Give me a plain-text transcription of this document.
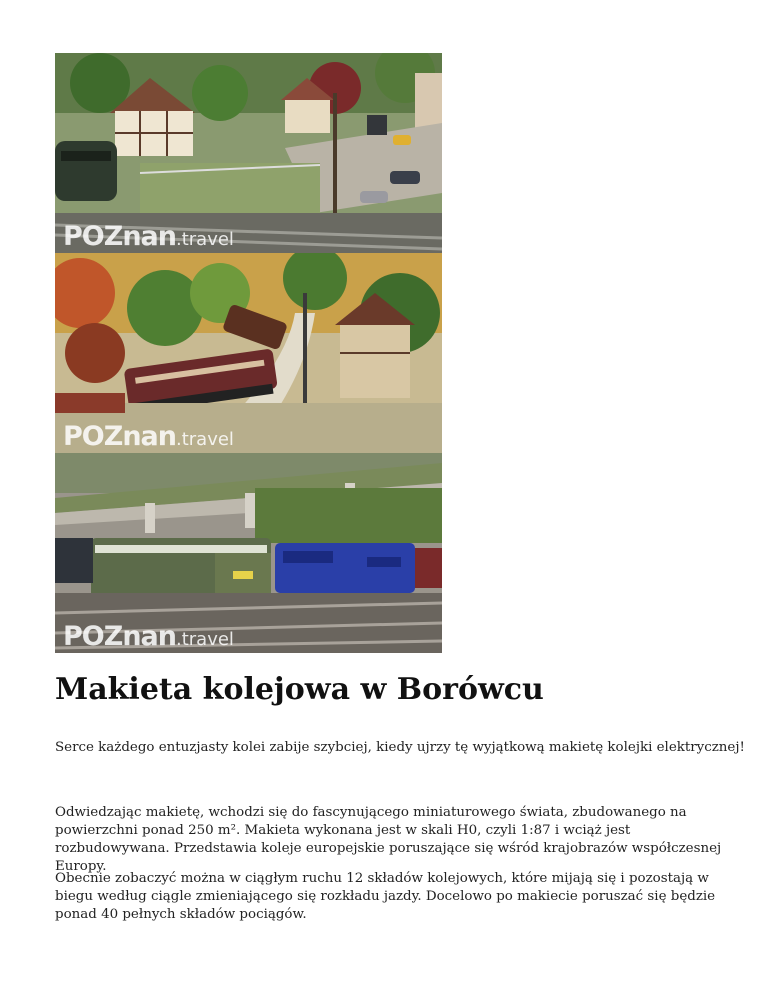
POZnan.travel
POZnan.travel
POZnan.travel
Makieta kolejowa w Borówcu

Serce każdego entuzjasty kolei zabije szybciej, kiedy ujrzy tę wyjątkową makietę kolejki elektrycznej!

Odwiedzając makietę, wchodzi się do fascynującego miniaturowego świata, zbudowanego na powierzchni ponad 250 m². Makieta wykonana jest w skali H0, czyli 1:87 i wciąż jest rozbudowywana. Przedstawia koleje europejskie poruszające się wśród krajobrazów współczesnej Europy.

Obecnie zobaczyć można w ciągłym ruchu 12 składów kolejowych, które mijają się i pozostają w biegu według ciągle zmieniającego się rozkładu jazdy. Docelowo po makiecie poruszać się będzie ponad 40 pełnych składów pociągów.
